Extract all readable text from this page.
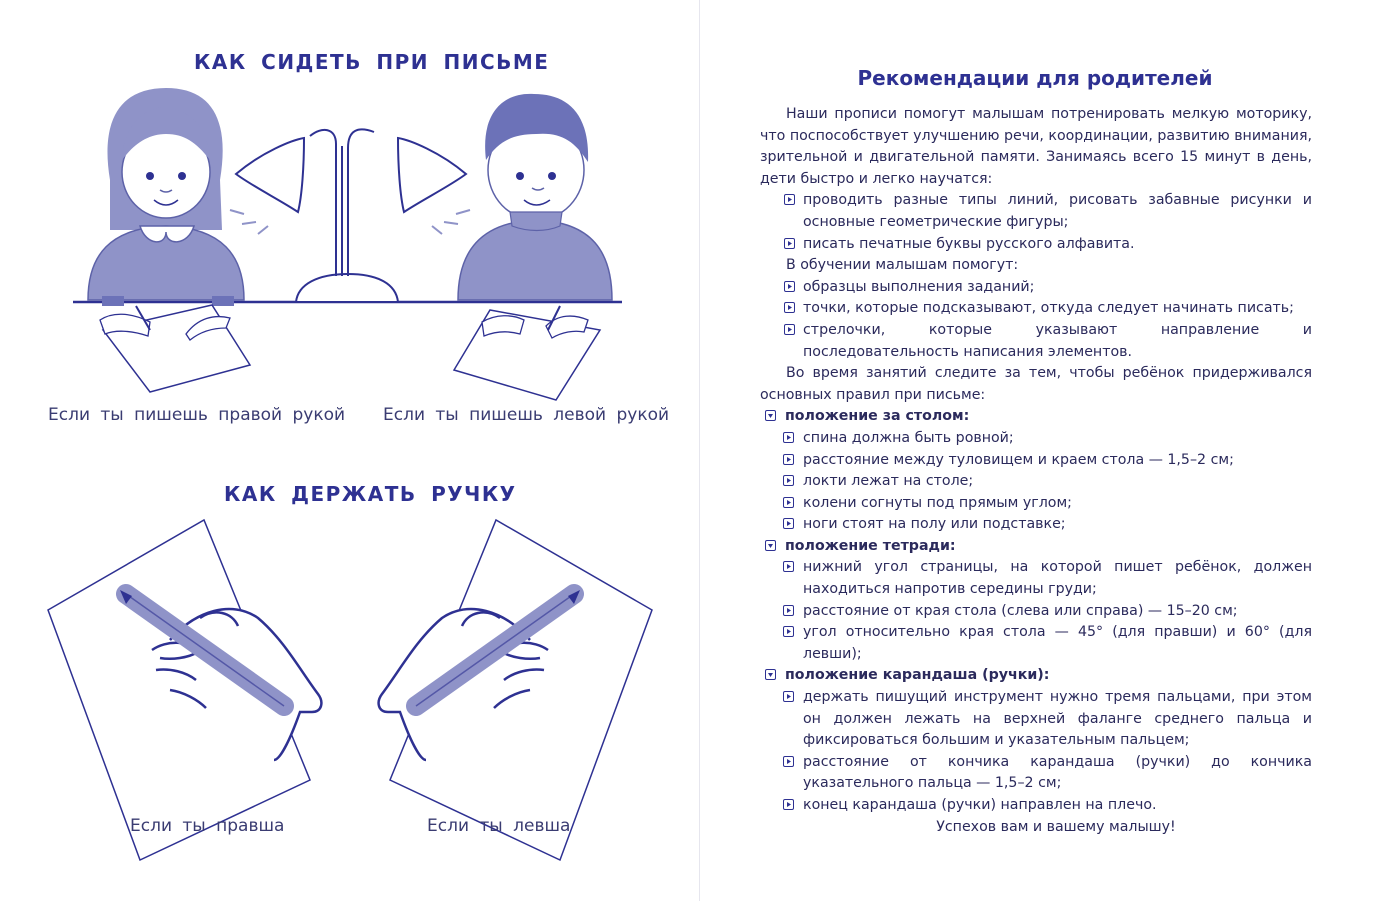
КАК СИДЕТЬ ПРИ ПИСЬМЕ
Если ты пишешь правой рукой Если ты пишешь левой рукой
КАК ДЕРЖАТЬ РУЧКУ
Если ты правша	Если ты левша
Рекомендации для родителей

Наши прописи помогут малышам потренировать мелкую моторику, что поспособствует улучшению речи, координации, развитию внимания, зрительной и двигательной памяти. Занимаясь всего 15 минут в день, дети быстро и легко научатся:

проводить разные типы линий, рисовать забавные рисунки и основные геометрические фигуры;

писать печатные буквы русского алфавита.

В обучении малышам помогут:

образцы выполнения заданий;

точки, которые подсказывают, откуда следует начинать писать;

стрелочки, которые указывают направление и последовательность написания элементов.

Во время занятий следите за тем, чтобы ребёнок придерживался основных правил при письме:

положение за столом:

спина должна быть ровной;

расстояние между туловищем и краем стола — 1,5–2 см;

локти лежат на столе;

колени согнуты под прямым углом;

ноги стоят на полу или подставке;

положение тетради:

нижний угол страницы, на которой пишет ребёнок, должен находиться напротив середины груди;

расстояние от края стола (слева или справа) — 15–20 см;

угол относительно края стола — 45° (для правши) и 60° (для левши);

положение карандаша (ручки):

держать пишущий инструмент нужно тремя пальцами, при этом он должен лежать на верхней фаланге среднего пальца и фиксироваться большим и указательным пальцем;

расстояние от кончика карандаша (ручки) до кончика указательного пальца — 1,5–2 см;

конец карандаша (ручки) направлен на плечо.

Успехов вам и вашему малышу!
